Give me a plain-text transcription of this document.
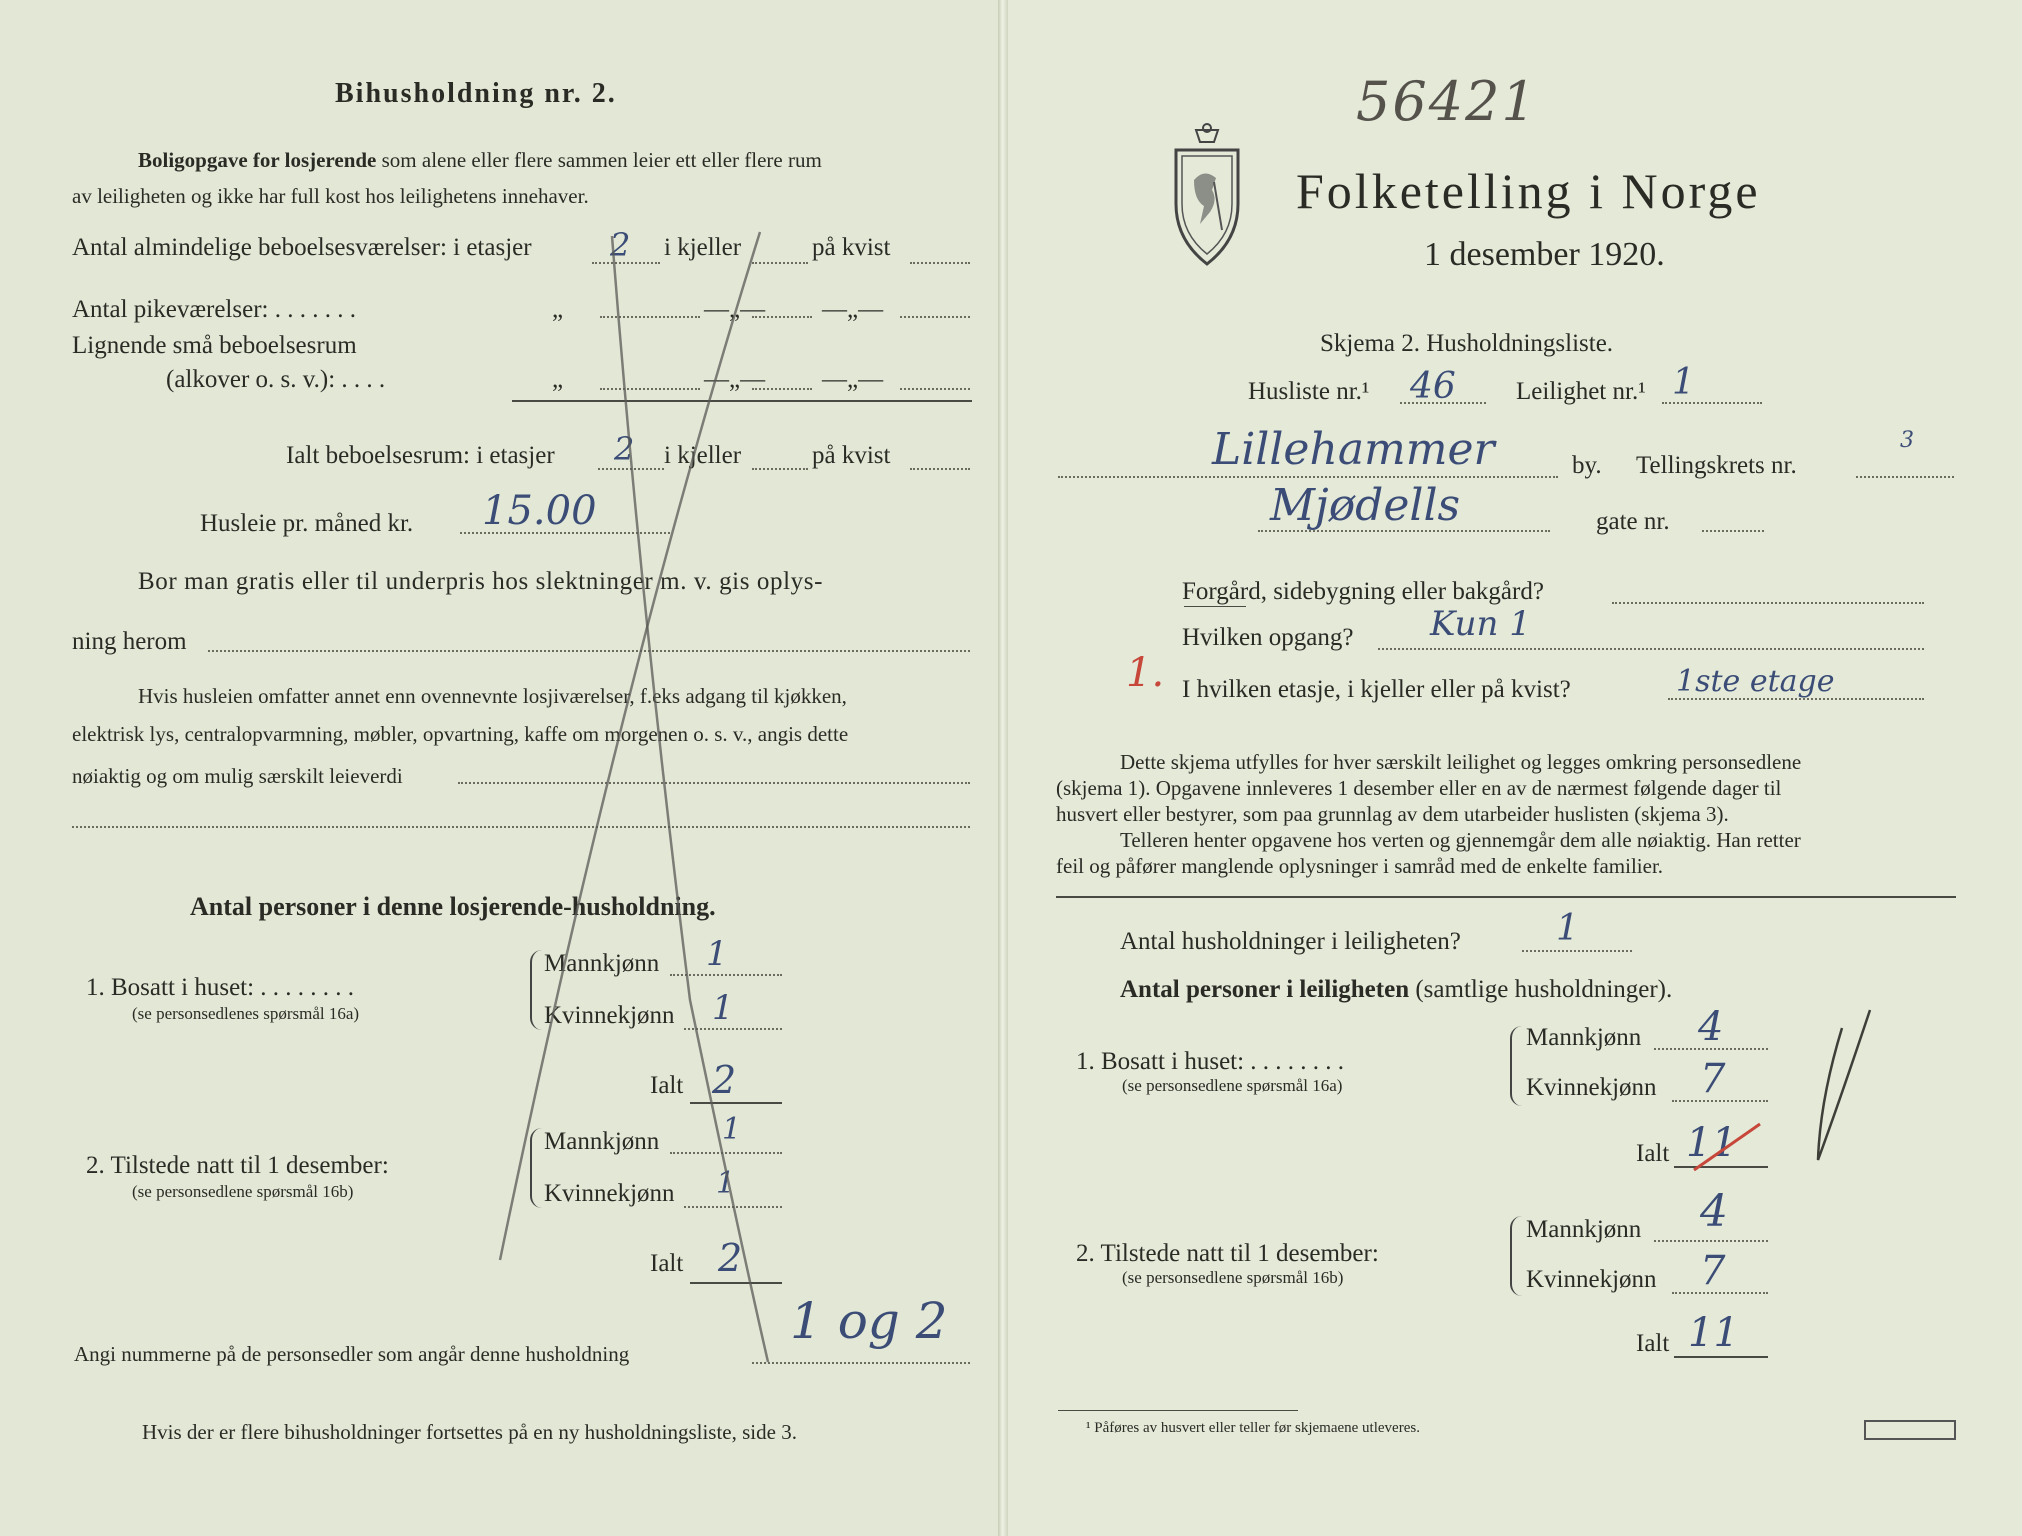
Bihusholdning nr. 2.
Boligopgave for losjerende som alene eller flere sammen leier ett eller flere rum
av leiligheten og ikke har full kost hos leilighetens innehaver.
Antal almindelige beboelsesværelser: i etasjer 2 i kjeller	på kvist
Antal pikeværelser: . . . . . . .	„	—„— —„—
Lignende små beboelsesrum
(alkover o. s. v.): . . . .	„	—„— —„—
Ialt beboelsesrum: i etasjer 2 i kjeller	på kvist
Husleie pr. måned kr. 15.00
Bor man gratis eller til underpris hos slektninger m. v. gis oplys-
ning herom
Hvis husleien omfatter annet enn ovennevnte losjiværelser, f.eks adgang til kjøkken,
elektrisk lys, centralopvarmning, møbler, opvartning, kaffe om morgenen o. s. v., angis dette
nøiaktig og om mulig særskilt leieverdi
Antal personer i denne losjerende-husholdning.
1. Bosatt i huset: . . . . . . . .
(se personsedlenes spørsmål 16a)
Mannkjønn 1
Kvinnekjønn 1
Ialt 2
2. Tilstede natt til 1 desember:
(se personsedlene spørsmål 16b)
Mannkjønn 1
Kvinnekjønn 1
Ialt 2
Angi nummerne på de personsedler som angår denne husholdning
1 og 2
Hvis der er flere bihusholdninger fortsettes på en ny husholdningsliste, side 3.
56421
Folketelling i Norge
1 desember 1920.
Skjema 2. Husholdningsliste.
Husliste nr.¹ 46 Leilighet nr.¹ 1
Lillehammer	by. Tellingskrets nr.
3
Mjødells	gate nr.
Forgård, sidebygning eller bakgård?
1.
Hvilken opgang? Kun 1
I hvilken etasje, i kjeller eller på kvist?	1ste etage
Dette skjema utfylles for hver særskilt leilighet og legges omkring personsedlene
(skjema 1). Opgavene innleveres 1 desember eller en av de nærmest følgende dager til
husvert eller bestyrer, som paa grunnlag av dem utarbeider huslisten (skjema 3).
Telleren henter opgavene hos verten og gjennemgår dem alle nøiaktig. Han retter
feil og påfører manglende oplysninger i samråd med de enkelte familier.
Antal husholdninger i leiligheten?	1
Antal personer i leiligheten (samtlige husholdninger).
1. Bosatt i huset: . . . . . . . .
(se personsedlene spørsmål 16a)
Mannkjønn 4
Kvinnekjønn 7
Ialt 11
2. Tilstede natt til 1 desember:
(se personsedlene spørsmål 16b)
Mannkjønn 4
Kvinnekjønn 7
Ialt 11
¹ Påføres av husvert eller teller før skjemaene utleveres.
